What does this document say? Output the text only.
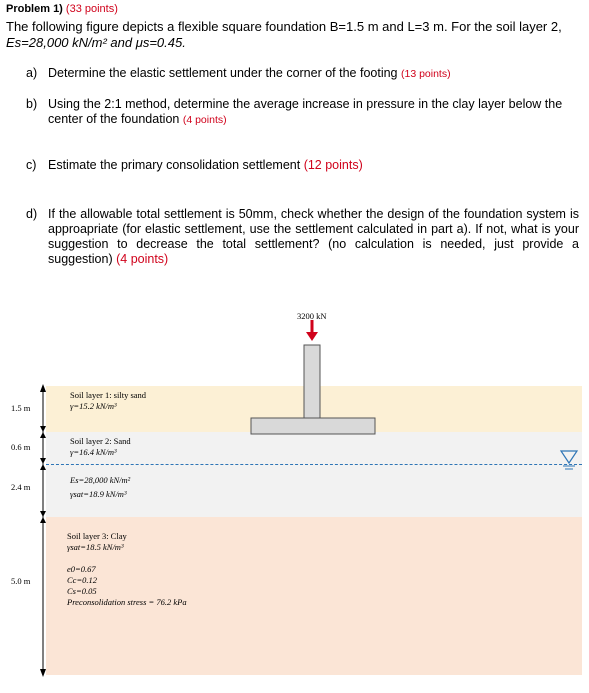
Problem 1) (33 points)
The following figure depicts a flexible square foundation B=1.5 m and L=3 m. For the soil layer 2,
Es=28,000 kN/m² and μs=0.45.
a) Determine the elastic settlement under the corner of the footing (13 points)
b) Using the 2:1 method, determine the average increase in pressure in the clay layer below the
center of the foundation (4 points)
c) Estimate the primary consolidation settlement (12 points)
d) If the allowable total settlement is 50mm, check whether the design of the foundation system is approapriate (for elastic settlement, use the settlement calculated in part a). If not, what is your suggestion to decrease the total settlement? (no calculation is needed, just provide a suggestion) (4 points)
3200 kN
1.5 m
0.6 m
2.4 m
5.0 m
Soil layer 1: silty sand
γ=15.2 kN/m³
Soil layer 2: Sand
γ=16.4 kN/m³
Es=28,000 kN/m²
γsat=18.9 kN/m³
Soil layer 3: Clay
γsat=18.5 kN/m³
e0=0.67
Cc=0.12
Cs=0.05
Preconsolidation stress = 76.2 kPa
